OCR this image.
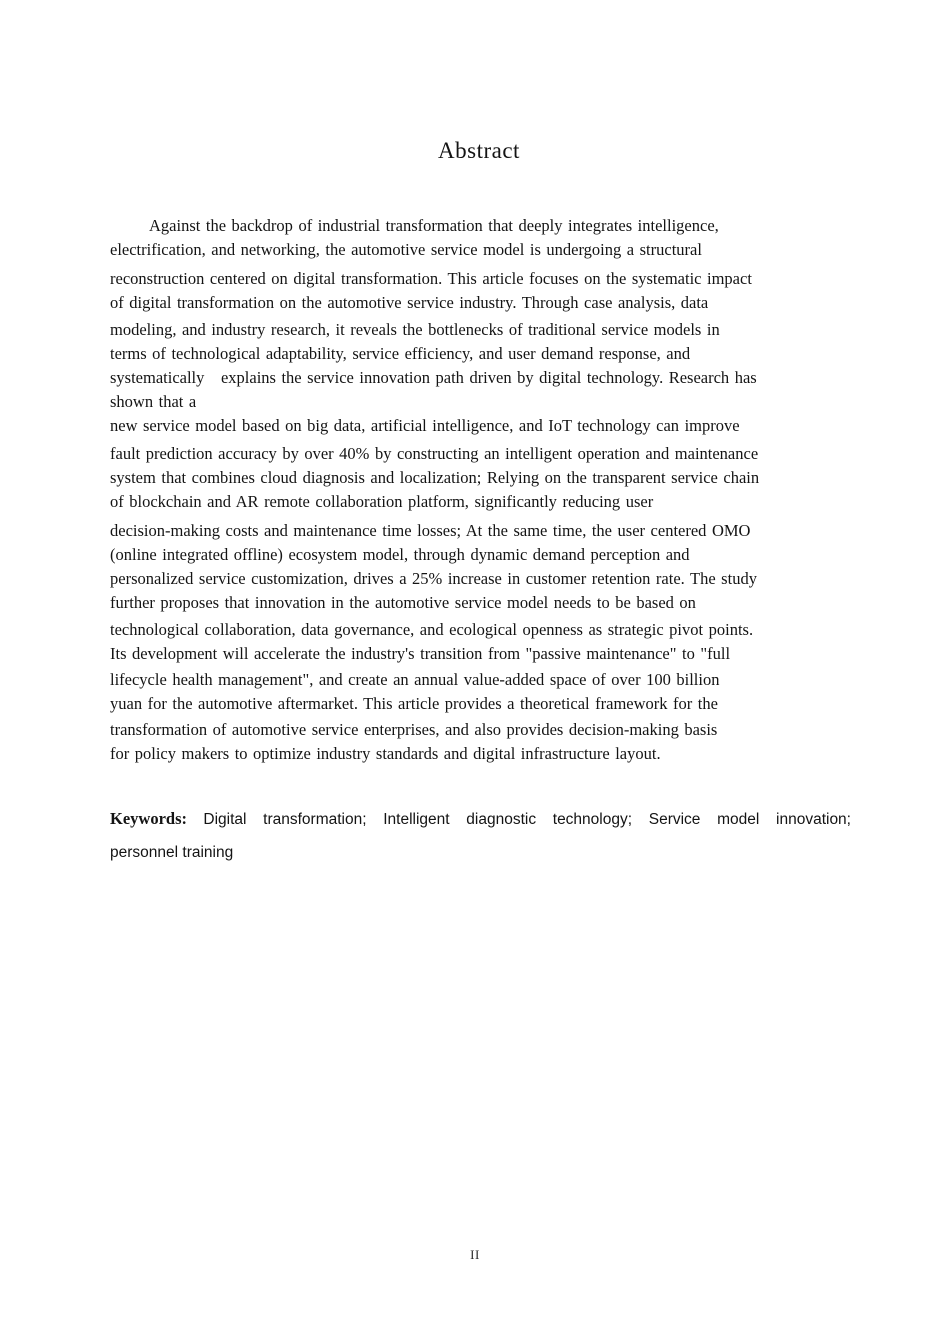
Abstract
Against the backdrop of industrial transformation that deeply integrates intelligence,
electrification, and networking, the automotive service model is undergoing a structural
reconstruction centered on digital transformation. This article focuses on the systematic impact
of digital transformation on the automotive service industry. Through case analysis, data
modeling, and industry research, it reveals the bottlenecks of traditional service models in
terms of technological adaptability, service efficiency, and user demand response, and
systematically   explains the service innovation path driven by digital technology. Research has
shown that a
new service model based on big data, artificial intelligence, and IoT technology can improve
fault prediction accuracy by over 40% by constructing an intelligent operation and maintenance
system that combines cloud diagnosis and localization; Relying on the transparent service chain
of blockchain and AR remote collaboration platform, significantly reducing user
decision-making costs and maintenance time losses; At the same time, the user centered OMO
(online integrated offline) ecosystem model, through dynamic demand perception and
personalized service customization, drives a 25% increase in customer retention rate. The study
further proposes that innovation in the automotive service model needs to be based on
technological collaboration, data governance, and ecological openness as strategic pivot points.
Its development will accelerate the industry's transition from "passive maintenance" to "full
lifecycle health management", and create an annual value-added space of over 100 billion
yuan for the automotive aftermarket. This article provides a theoretical framework for the
transformation of automotive service enterprises, and also provides decision-making basis
for policy makers to optimize industry standards and digital infrastructure layout.
Keywords: Digital transformation; Intelligent diagnostic technology; Service model innovation;
personnel training
II
